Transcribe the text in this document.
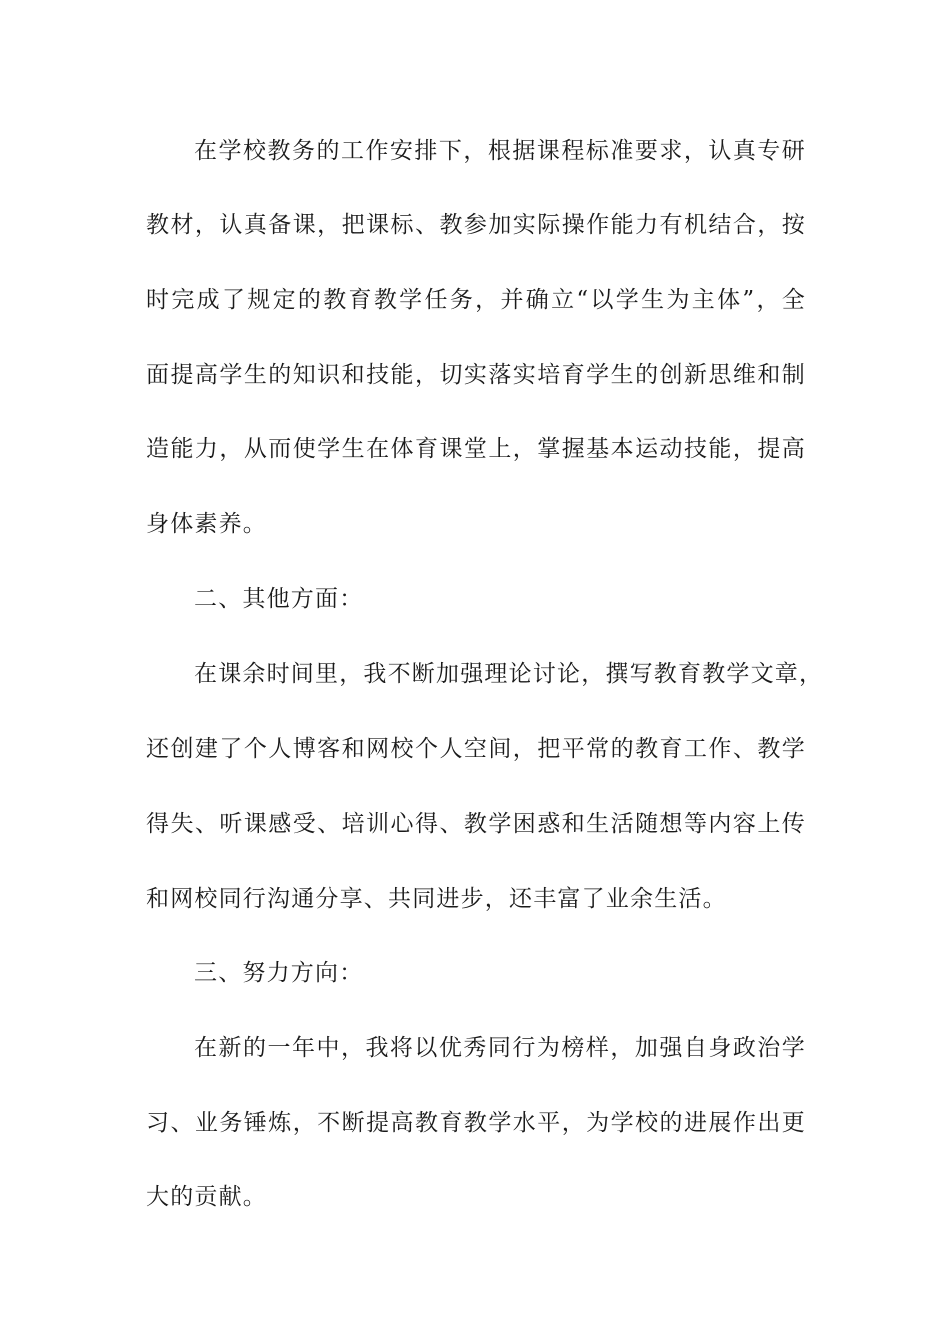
在学校教务的工作安排下，根据课程标准要求，认真专研
教材，认真备课，把课标、教参加实际操作能力有机结合，按
时完成了规定的教育教学任务，并确立“以学生为主体”，全
面提高学生的知识和技能，切实落实培育学生的创新思维和制
造能力，从而使学生在体育课堂上，掌握基本运动技能，提高
身体素养。
二、其他方面：
在课余时间里，我不断加强理论讨论，撰写教育教学文章，
还创建了个人博客和网校个人空间，把平常的教育工作、教学
得失、听课感受、培训心得、教学困惑和生活随想等内容上传
和网校同行沟通分享、共同进步，还丰富了业余生活。
三、努力方向：
在新的一年中，我将以优秀同行为榜样，加强自身政治学
习、业务锤炼，不断提高教育教学水平，为学校的进展作出更
大的贡献。
